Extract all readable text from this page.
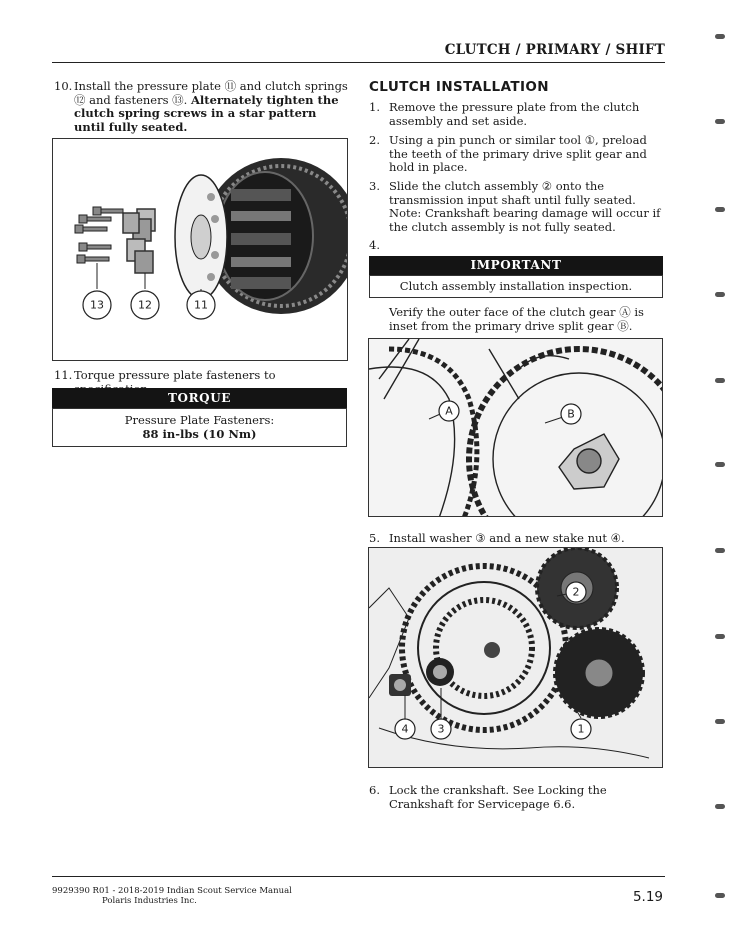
CLUTCH / PRIMARY / SHIFT
10. Install the pressure plate ⑪ and clutch springs ⑫ and fasteners ⑬. Alternately tighten the clutch spring screws in a star pattern until fully seated.
13	12	11
11. Torque pressure plate fasteners to
TORQUE
Pressure Plate Fasteners:
88 in-lbs (10 Nm)
CLUTCH INSTALLATION
1. Remove the pressure plate from the clutch assembly and set aside.
2. Using a pin punch or similar tool ①, preload the teeth of the primary drive split gear and hold in place.
3. Slide the clutch assembly ② onto the transmission input shaft until fully seated. Note: Crankshaft bearing damage will occur if the clutch assembly is not fully seated.
4.
IMPORTANT
Clutch assembly installation inspection.
Verify the outer face of the clutch gear Ⓐ is inset from the primary drive split gear Ⓑ.
A	B
5. Install washer ③ and a new stake nut ④.
2
1
4	3
6. Lock the crankshaft. See Locking the Crankshaft for Servicepage 6.6.
9929390 R01 - 2018-2019 Indian Scout Service Manual
Polaris Industries Inc.	5.19
